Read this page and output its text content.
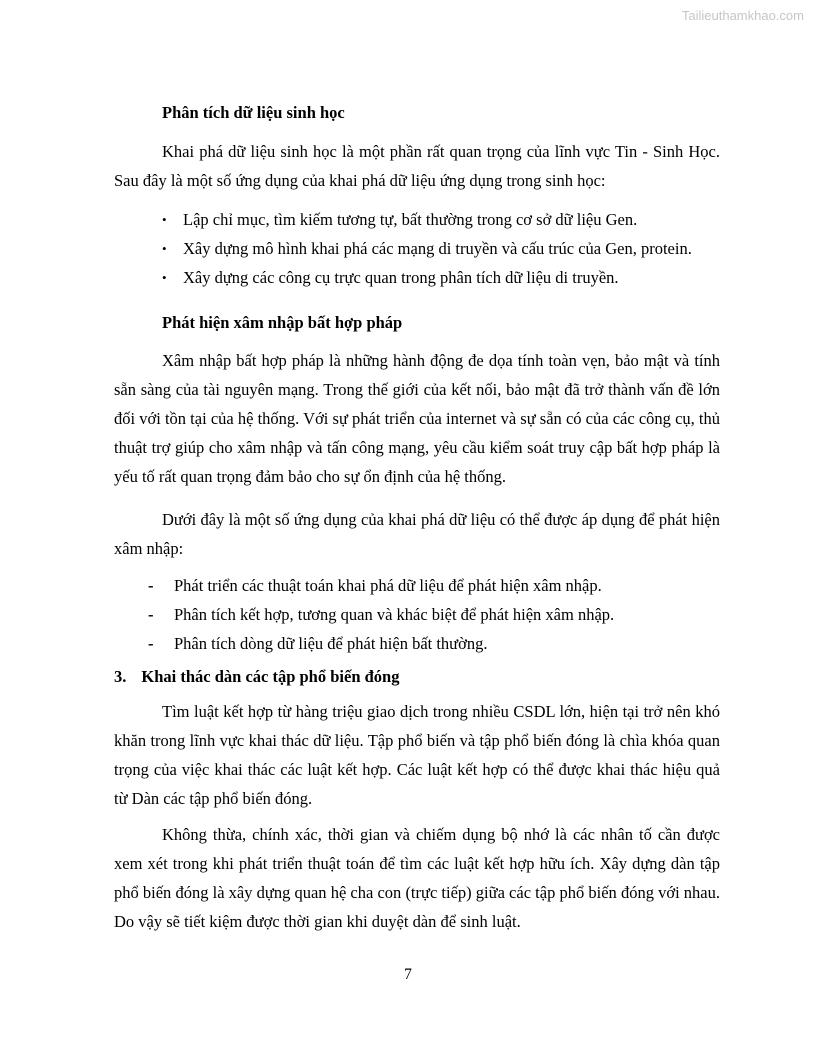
Tailieuthamkhao.com
Phân tích dữ liệu sinh học

Khai phá dữ liệu sinh học là một phần rất quan trọng của lĩnh vực Tin - Sinh Học. Sau đây là một số ứng dụng của khai phá dữ liệu ứng dụng trong sinh học:

• Lập chỉ mục, tìm kiếm tương tự, bất thường trong cơ sở dữ liệu Gen.
• Xây dựng mô hình khai phá các mạng di truyền và cấu trúc của Gen, protein.
• Xây dựng các công cụ trực quan trong phân tích dữ liệu di truyền.
Phát hiện xâm nhập bất hợp pháp

Xâm nhập bất hợp pháp là những hành động đe dọa tính toàn vẹn, bảo mật và tính sẵn sàng của tài nguyên mạng. Trong thế giới của kết nối, bảo mật đã trở thành vấn đề lớn đối với tồn tại của hệ thống. Với sự phát triển của internet và sự sẵn có của các công cụ, thủ thuật trợ giúp cho xâm nhập và tấn công mạng, yêu cầu kiểm soát truy cập bất hợp pháp là yếu tố rất quan trọng đảm bảo cho sự ổn định của hệ thống.

Dưới đây là một số ứng dụng của khai phá dữ liệu có thể được áp dụng để phát hiện xâm nhập:

-	Phát triển các thuật toán khai phá dữ liệu để phát hiện xâm nhập.
-	Phân tích kết hợp, tương quan và khác biệt để phát hiện xâm nhập.
-	Phân tích dòng dữ liệu để phát hiện bất thường.
3. Khai thác dàn các tập phổ biến đóng

Tìm luật kết hợp từ hàng triệu giao dịch trong nhiều CSDL lớn, hiện tại trở nên khó khăn trong lĩnh vực khai thác dữ liệu. Tập phổ biến và tập phổ biến đóng là chìa khóa quan trọng của việc khai thác các luật kết hợp. Các luật kết hợp có thể được khai thác hiệu quả từ Dàn các tập phổ biến đóng.

Không thừa, chính xác, thời gian và chiếm dụng bộ nhớ là các nhân tố cần được xem xét trong khi phát triển thuật toán để tìm các luật kết hợp hữu ích. Xây dựng dàn tập phổ biến đóng là xây dựng quan hệ cha con (trực tiếp) giữa các tập phổ biến đóng với nhau. Do vậy sẽ tiết kiệm được thời gian khi duyệt dàn để sinh luật.

7
